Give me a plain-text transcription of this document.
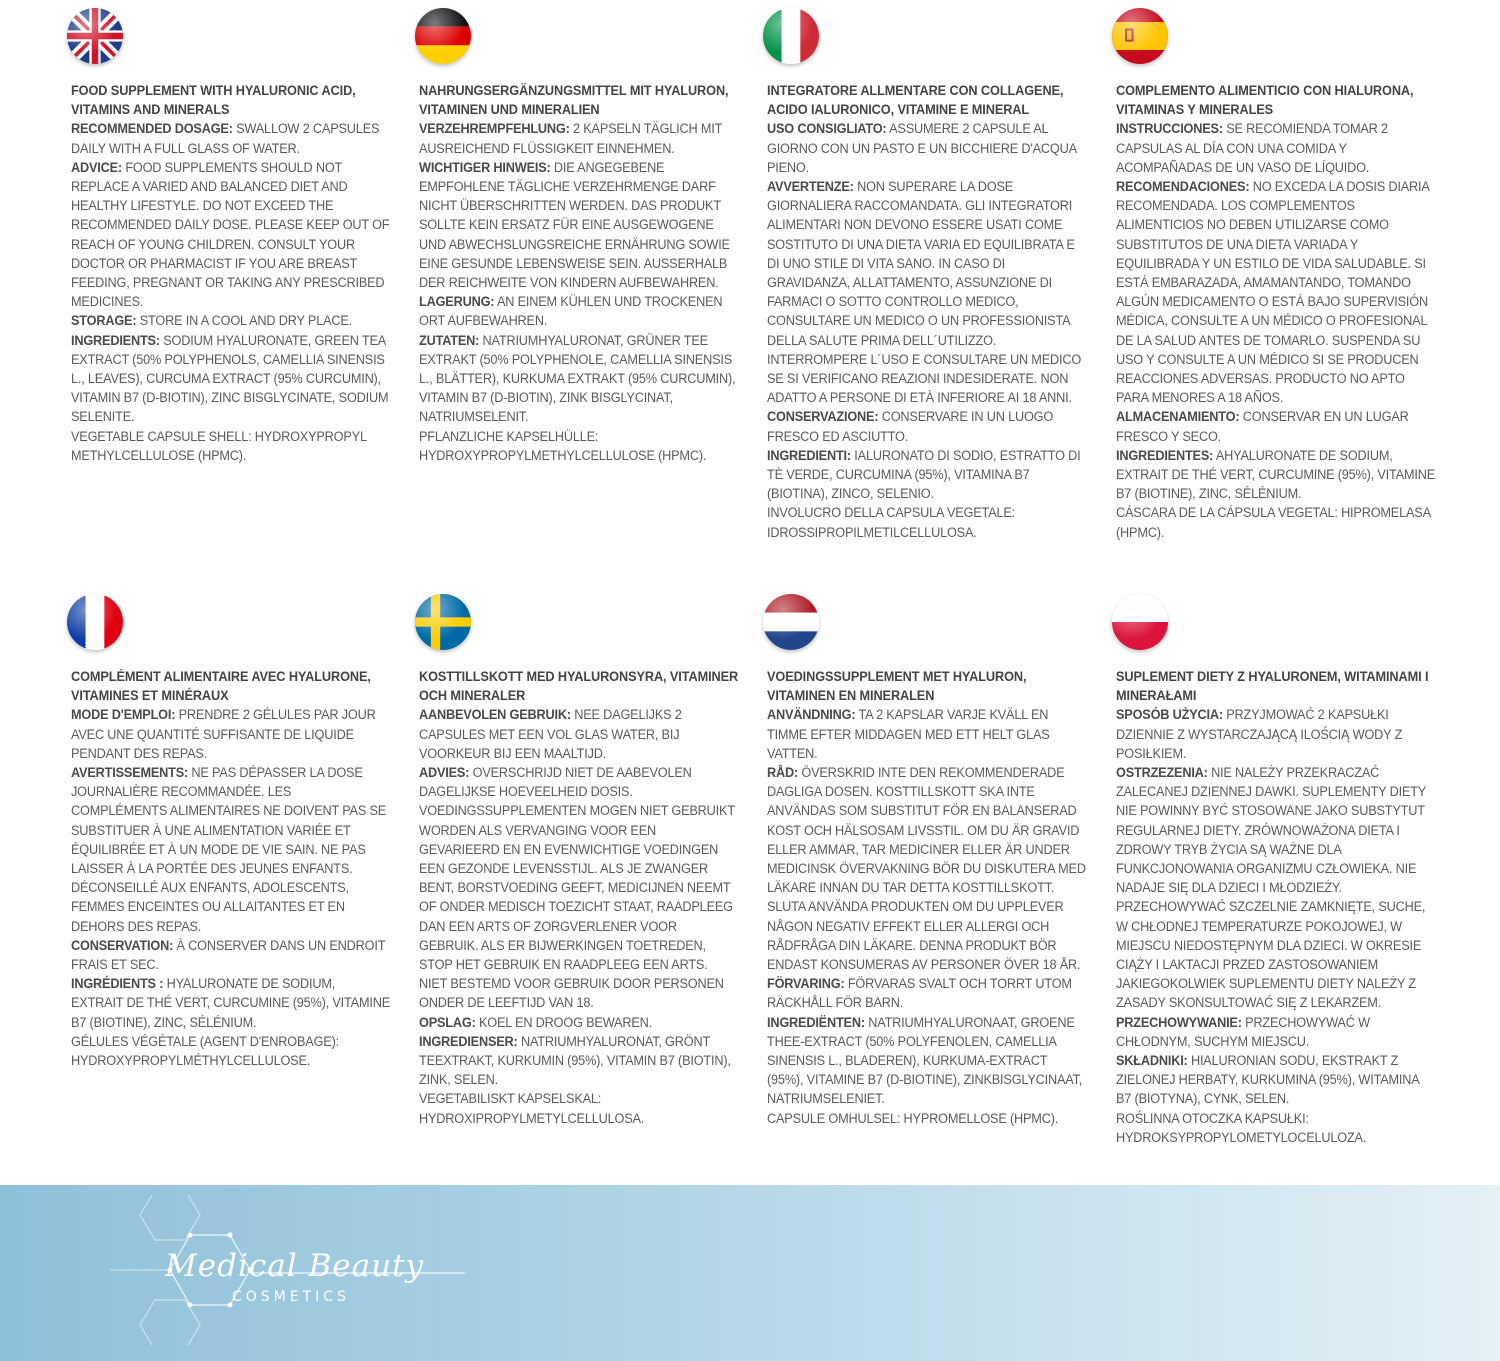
FOOD SUPPLEMENT WITH HYALURONIC ACID, VITAMINS AND MINERALS
RECOMMENDED DOSAGE: SWALLOW 2 CAPSULES DAILY WITH A FULL GLASS OF WATER.
ADVICE: FOOD SUPPLEMENTS SHOULD NOT REPLACE A VARIED AND BALANCED DIET AND HEALTHY LIFESTYLE. DO NOT EXCEED THE RECOMMENDED DAILY DOSE. PLEASE KEEP OUT OF REACH OF YOUNG CHILDREN. CONSULT YOUR DOCTOR OR PHARMACIST IF YOU ARE BREAST FEEDING, PREGNANT OR TAKING ANY PRESCRIBED MEDICINES.
STORAGE: STORE IN A COOL AND DRY PLACE.
INGREDIENTS: SODIUM HYALURONATE, GREEN TEA EXTRACT (50% POLYPHENOLS, CAMELLIA SINENSIS L., LEAVES), CURCUMA EXTRACT (95% CURCUMIN), VITAMIN B7 (D-BIOTIN), ZINC BISGLYCINATE, SODIUM SELENITE.
VEGETABLE CAPSULE SHELL: HYDROXYPROPYL METHYLCELLULOSE (HPMC).
NAHRUNGSERGÄNZUNGSMITTEL MIT HYALURON, VITAMINEN UND MINERALIEN
VERZEHREMPFEHLUNG: 2 KAPSELN TÄGLICH MIT AUSREICHEND FLÜSSIGKEIT EINNEHMEN.
WICHTIGER HINWEIS: DIE ANGEGEBENE EMPFOHLENE TÄGLICHE VERZEHRMENGE DARF NICHT ÜBERSCHRITTEN WERDEN. DAS PRODUKT SOLLTE KEIN ERSATZ FÜR EINE AUSGEWOGENE UND ABWECHSLUNGSREICHE ERNÄHRUNG SOWIE EINE GESUNDE LEBENSWEISE SEIN. AUSSERHALB DER REICHWEITE VON KINDERN AUFBEWAHREN.
LAGERUNG: AN EINEM KÜHLEN UND TROCKENEN ORT AUFBEWAHREN.
ZUTATEN: NATRIUMHYALURONAT, GRÜNER TEE EXTRAKT (50% POLYPHENOLE, CAMELLIA SINENSIS L., BLÄTTER), KURKUMA EXTRAKT (95% CURCUMIN), VITAMIN B7 (D-BIOTIN), ZINK BISGLYCINAT, NATRIUMSELENIT.
PFLANZLICHE KAPSELHÜLLE: HYDROXYPROPYLMETHYLCELLULOSE (HPMC).
INTEGRATORE ALLMENTARE CON COLLAGENE, ACIDO IALURONICO, VITAMINE E MINERAL
USO CONSIGLIATO: ASSUMERE 2 CAPSULE AL GIORNO CON UN PASTO E UN BICCHIERE D'ACQUA PIENO.
AVVERTENZE: NON SUPERARE LA DOSE GIORNALIERA RACCOMANDATA. GLI INTEGRATORI ALIMENTARI NON DEVONO ESSERE USATI COME SOSTITUTO DI UNA DIETA VARIA ED EQUILIBRATA E DI UNO STILE DI VITA SANO. IN CASO DI GRAVIDANZA, ALLATTAMENTO, ASSUNZIONE DI FARMACI O SOTTO CONTROLLO MEDICO, CONSULTARE UN MEDICO O UN PROFESSIONISTA DELLA SALUTE PRIMA DELL´UTILIZZO. INTERROMPERE L´USO E CONSULTARE UN MEDICO SE SI VERIFICANO REAZIONI INDESIDERATE. NON ADATTO A PERSONE DI ETÀ INFERIORE AI 18 ANNI.
CONSERVAZIONE: CONSERVARE IN UN LUOGO FRESCO ED ASCIUTTO.
INGREDIENTI: IALURONATO DI SODIO, ESTRATTO DI TÈ VERDE, CURCUMINA (95%), VITAMINA B7 (BIOTINA), ZINCO, SELENIO.
INVOLUCRO DELLA CAPSULA VEGETALE: IDROSSIPROPILMETILCELLULOSA.
COMPLEMENTO ALIMENTICIO CON HIALURONA, VITAMINAS Y MINERALES
INSTRUCCIONES: SE RECOMIENDA TOMAR 2 CAPSULAS AL DÍA CON UNA COMIDA Y ACOMPAÑADAS DE UN VASO DE LÍQUIDO.
RECOMENDACIONES: NO EXCEDA LA DOSIS DIARIA RECOMENDADA. LOS COMPLEMENTOS ALIMENTICIOS NO DEBEN UTILIZARSE COMO SUBSTITUTOS DE UNA DIETA VARIADA Y EQUILIBRADA Y UN ESTILO DE VIDA SALUDABLE. SI ESTÁ EMBARAZADA, AMAMANTANDO, TOMANDO ALGÚN MEDICAMENTO O ESTÁ BAJO SUPERVISIÓN MÉDICA, CONSULTE A UN MÉDICO O PROFESIONAL DE LA SALUD ANTES DE TOMARLO. SUSPENDA SU USO Y CONSULTE A UN MÉDICO SI SE PRODUCEN REACCIONES ADVERSAS. PRODUCTO NO APTO PARA MENORES A 18 AÑOS.
ALMACENAMIENTO: CONSERVAR EN UN LUGAR FRESCO Y SECO.
INGREDIENTES: AHYALURONATE DE SODIUM, EXTRAIT DE THÉ VERT, CURCUMINE (95%), VITAMINE B7 (BIOTINE), ZINC, SÉLÉNIUM.
CÁSCARA DE LA CÁPSULA VEGETAL: HIPROMELASA (HPMC).
COMPLÉMENT ALIMENTAIRE AVEC HYALURONE, VITAMINES ET MINÉRAUX
MODE D'EMPLOI: PRENDRE 2 GÉLULES PAR JOUR AVEC UNE QUANTITÉ SUFFISANTE DE LIQUIDE PENDANT DES REPAS.
AVERTISSEMENTS: NE PAS DÉPASSER LA DOSE JOURNALIÈRE RECOMMANDÉE. LES COMPLÉMENTS ALIMENTAIRES NE DOIVENT PAS SE SUBSTITUER À UNE ALIMENTATION VARIÉE ET ÉQUILIBRÉE ET À UN MODE DE VIE SAIN. NE PAS LAISSER À LA PORTÉE DES JEUNES ENFANTS. DÉCONSEILLÉ AUX ENFANTS, ADOLESCENTS, FEMMES ENCEINTES OU ALLAITANTES ET EN DEHORS DES REPAS.
CONSERVATION: À CONSERVER DANS UN ENDROIT FRAIS ET SEC.
INGRÉDIENTS : HYALURONATE DE SODIUM, EXTRAIT DE THÉ VERT, CURCUMINE (95%), VITAMINE B7 (BIOTINE), ZINC, SÉLÉNIUM.
GÉLULES VÉGÉTALE (AGENT D'ENROBAGE): HYDROXYPROPYLMÉTHYLCELLULOSE.
KOSTTILLSKOTT MED HYALURONSYRA, VITAMINER OCH MINERALER
AANBEVOLEN GEBRUIK: NEE DAGELIJKS 2 CAPSULES MET EEN VOL GLAS WATER, BIJ VOORKEUR BIJ EEN MAALTIJD.
ADVIES: OVERSCHRIJD NIET DE AABEVOLEN DAGELIJKSE HOEVEELHEID DOSIS. VOEDINGSSUPPLEMENTEN MOGEN NIET GEBRUIKT WORDEN ALS VERVANGING VOOR EEN GEVARIEERD EN EN EVENWICHTIGE VOEDINGEN EEN GEZONDE LEVENSSTIJL. ALS JE ZWANGER BENT, BORSTVOEDING GEEFT, MEDICIJNEN NEEMT OF ONDER MEDISCH TOEZICHT STAAT, RAADPLEEG DAN EEN ARTS OF ZORGVERLENER VOOR GEBRUIK. ALS ER BIJWERKINGEN TOETREDEN, STOP HET GEBRUIK EN RAADPLEEG EEN ARTS. NIET BESTEMD VOOR GEBRUIK DOOR PERSONEN ONDER DE LEEFTIJD VAN 18.
OPSLAG: KOEL EN DROOG BEWAREN.
INGREDIENSER: NATRIUMHYALURONAT, GRÖNT TEEXTRAKT, KURKUMIN (95%), VITAMIN B7 (BIOTIN), ZINK, SELEN.
VEGETABILISKT KAPSELSKAL: HYDROXIPROPYLMETYLCELLULOSA.
VOEDINGSSUPPLEMENT MET HYALURON, VITAMINEN EN MINERALEN
ANVÄNDNING: TA 2 KAPSLAR VARJE KVÄLL EN TIMME EFTER MIDDAGEN MED ETT HELT GLAS VATTEN.
RÅD: ÖVERSKRID INTE DEN REKOMMENDERADE DAGLIGA DOSEN. KOSTTILLSKOTT SKA INTE ANVÄNDAS SOM SUBSTITUT FÖR EN BALANSERAD KOST OCH HÄLSOSAM LIVSSTIL. OM DU ÄR GRAVID ELLER AMMAR, TAR MEDICINER ELLER ÄR UNDER MEDICINSK ÖVERVAKNING BÖR DU DISKUTERA MED LÄKARE INNAN DU TAR DETTA KOSTTILLSKOTT. SLUTA ANVÄNDA PRODUKTEN OM DU UPPLEVER NÅGON NEGATIV EFFEKT ELLER ALLERGI OCH RÅDFRÅGA DIN LÄKARE. DENNA PRODUKT BÖR ENDAST KONSUMERAS AV PERSONER ÖVER 18 ÅR.
FÖRVARING: FÖRVARAS SVALT OCH TORRT UTOM RÄCKHÅLL FÖR BARN.
INGREDIËNTEN: NATRIUMHYALURONAAT, GROENE THEE-EXTRACT (50% POLYFENOLEN, CAMELLIA SINENSIS L., BLADEREN), KURKUMA-EXTRACT (95%), VITAMINE B7 (D-BIOTINE), ZINKBISGLYCINAAT, NATRIUMSELENIET.
CAPSULE OMHULSEL: HYPROMELLOSE (HPMC).
SUPLEMENT DIETY Z HYALURONEM, WITAMINAMI I MINERAŁAMI
SPOSÓB UŻYCIA: PRZYJMOWAĆ 2 KAPSUŁKI DZIENNIE Z WYSTARCZAJĄCĄ ILOŚCIĄ WODY Z POSIŁKIEM.
OSTRZEZENIA: NIE NALEŻY PRZEKRACZAĆ ZALECANEJ DZIENNEJ DAWKI. SUPLEMENTY DIETY NIE POWINNY BYĆ STOSOWANE JAKO SUBSTYTUT REGULARNEJ DIETY. ZRÓWNOWAŻONA DIETA I ZDROWY TRYB ŻYCIA SĄ WAŻNE DLA FUNKCJONOWANIA ORGANIZMU CZŁOWIEKA. NIE NADAJE SIĘ DLA DZIECI I MŁODZIEŻY. PRZECHOWYWAĆ SZCZELNIE ZAMKNIĘTE, SUCHE, W CHŁODNEJ TEMPERATURZE POKOJOWEJ, W MIEJSCU NIEDOSTĘPNYM DLA DZIECI. W OKRESIE CIĄŻY I LAKTACJI PRZED ZASTOSOWANIEM JAKIEGOKOLWIEK SUPLEMENTU DIETY NALEŻY Z ZASADY SKONSULTOWAĆ SIĘ Z LEKARZEM.
PRZECHOWYWANIE: PRZECHOWYWAĆ W CHŁODNYM, SUCHYM MIEJSCU.
SKŁADNIKI: HIALURONIAN SODU, EKSTRAKT Z ZIELONEJ HERBATY, KURKUMINA (95%), WITAMINA B7 (BIOTYNA), CYNK, SELEN.
ROŚLINNA OTOCZKA KAPSUŁKI: HYDROKSYPROPYLOMETYLOCELULOZA.
Medical Beauty
COSMETICS
